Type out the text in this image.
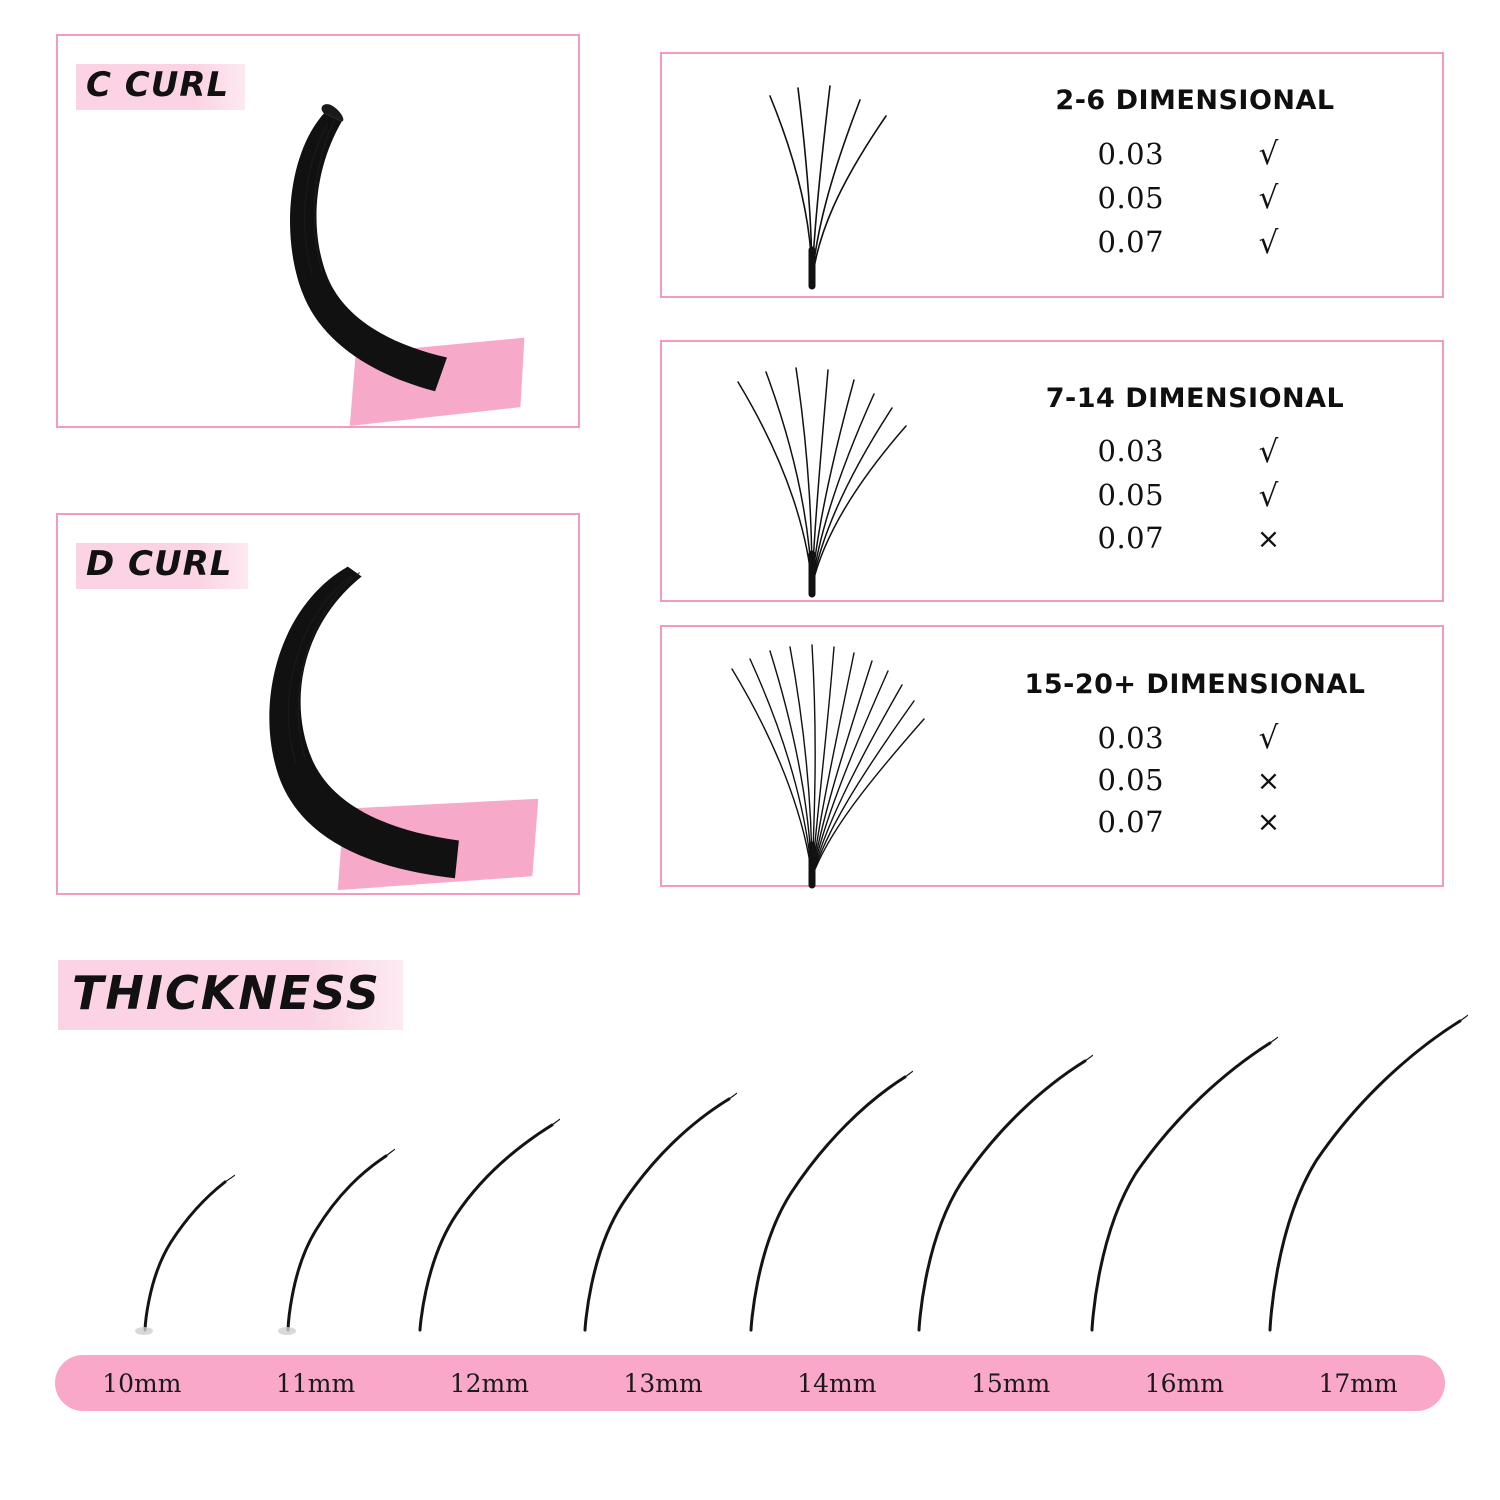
C CURL
D CURL
2-6 DIMENSIONAL
0.03	√
0.05	√
0.07	√
7-14 DIMENSIONAL
0.03	√
0.05	√
0.07	×
15-20+ DIMENSIONAL
0.03	√
0.05	×
0.07	×
THICKNESS
10mm	11mm	12mm	13mm	14mm	15mm	16mm	17mm
